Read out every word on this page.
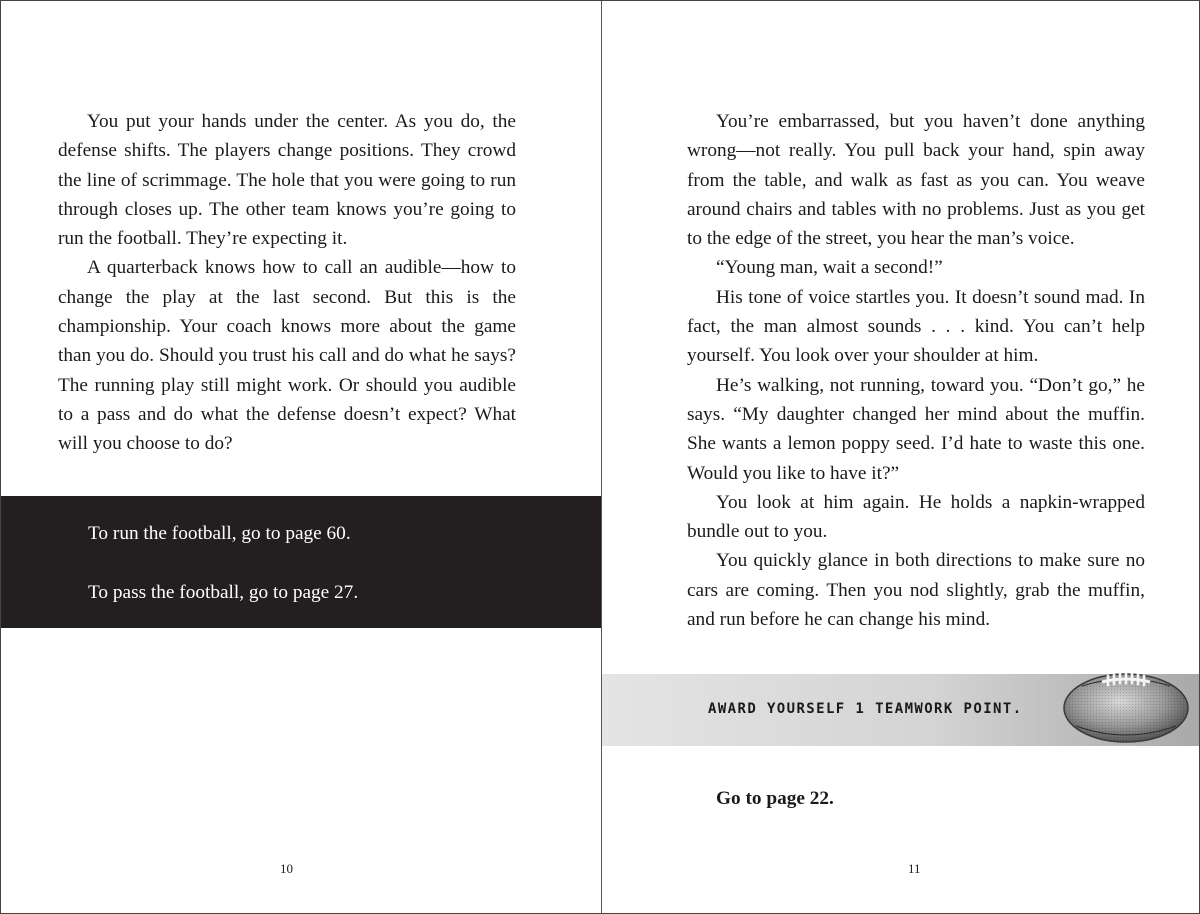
You put your hands under the center. As you do, the defense shifts. The players change positions. They crowd the line of scrimmage. The hole that you were going to run through closes up. The other team knows you’re going to run the football. They’re expecting it.

A quarterback knows how to call an audible—how to change the play at the last second. But this is the championship. Your coach knows more about the game than you do. Should you trust his call and do what he says? The running play still might work. Or should you audible to a pass and do what the defense doesn’t expect? What will you choose to do?

To run the football, go to page 60.
To pass the football, go to page 27.
10

You’re embarrassed, but you haven’t done anything wrong—not really. You pull back your hand, spin away from the table, and walk as fast as you can. You weave around chairs and tables with no problems. Just as you get to the edge of the street, you hear the man’s voice.

“Young man, wait a second!”

His tone of voice startles you. It doesn’t sound mad. In fact, the man almost sounds . . . kind. You can’t help yourself. You look over your shoulder at him.

He’s walking, not running, toward you. “Don’t go,” he says. “My daughter changed her mind about the muffin. She wants a lemon poppy seed. I’d hate to waste this one. Would you like to have it?”

You look at him again. He holds a napkin-wrapped bundle out to you.

You quickly glance in both directions to make sure no cars are coming. Then you nod slightly, grab the muffin, and run before he can change his mind.

AWARD YOURSELF 1 TEAMWORK POINT.
Go to page 22.
11
